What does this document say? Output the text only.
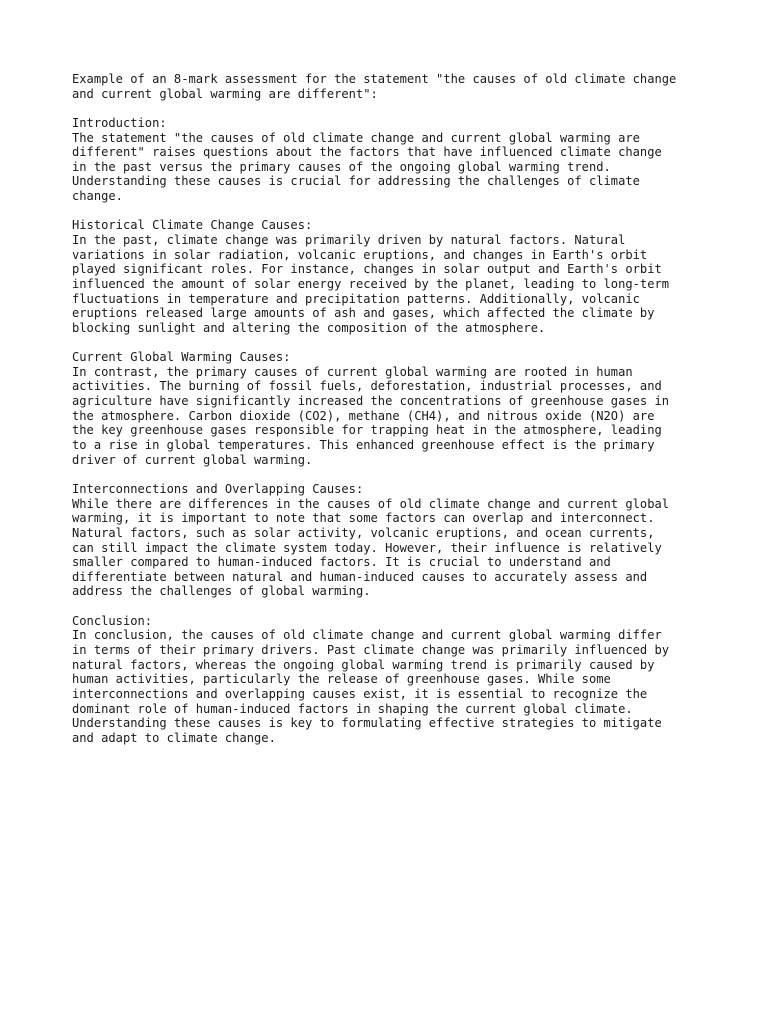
Example of an 8-mark assessment for the statement "the causes of old climate change
and current global warming are different":
Introduction:
The statement "the causes of old climate change and current global warming are
different" raises questions about the factors that have influenced climate change
in the past versus the primary causes of the ongoing global warming trend.
Understanding these causes is crucial for addressing the challenges of climate
change.
Historical Climate Change Causes:
In the past, climate change was primarily driven by natural factors. Natural
variations in solar radiation, volcanic eruptions, and changes in Earth's orbit
played significant roles. For instance, changes in solar output and Earth's orbit
influenced the amount of solar energy received by the planet, leading to long-term
fluctuations in temperature and precipitation patterns. Additionally, volcanic
eruptions released large amounts of ash and gases, which affected the climate by
blocking sunlight and altering the composition of the atmosphere.
Current Global Warming Causes:
In contrast, the primary causes of current global warming are rooted in human
activities. The burning of fossil fuels, deforestation, industrial processes, and
agriculture have significantly increased the concentrations of greenhouse gases in
the atmosphere. Carbon dioxide (CO2), methane (CH4), and nitrous oxide (N2O) are
the key greenhouse gases responsible for trapping heat in the atmosphere, leading
to a rise in global temperatures. This enhanced greenhouse effect is the primary
driver of current global warming.
Interconnections and Overlapping Causes:
While there are differences in the causes of old climate change and current global
warming, it is important to note that some factors can overlap and interconnect.
Natural factors, such as solar activity, volcanic eruptions, and ocean currents,
can still impact the climate system today. However, their influence is relatively
smaller compared to human-induced factors. It is crucial to understand and
differentiate between natural and human-induced causes to accurately assess and
address the challenges of global warming.
Conclusion:
In conclusion, the causes of old climate change and current global warming differ
in terms of their primary drivers. Past climate change was primarily influenced by
natural factors, whereas the ongoing global warming trend is primarily caused by
human activities, particularly the release of greenhouse gases. While some
interconnections and overlapping causes exist, it is essential to recognize the
dominant role of human-induced factors in shaping the current global climate.
Understanding these causes is key to formulating effective strategies to mitigate
and adapt to climate change.
